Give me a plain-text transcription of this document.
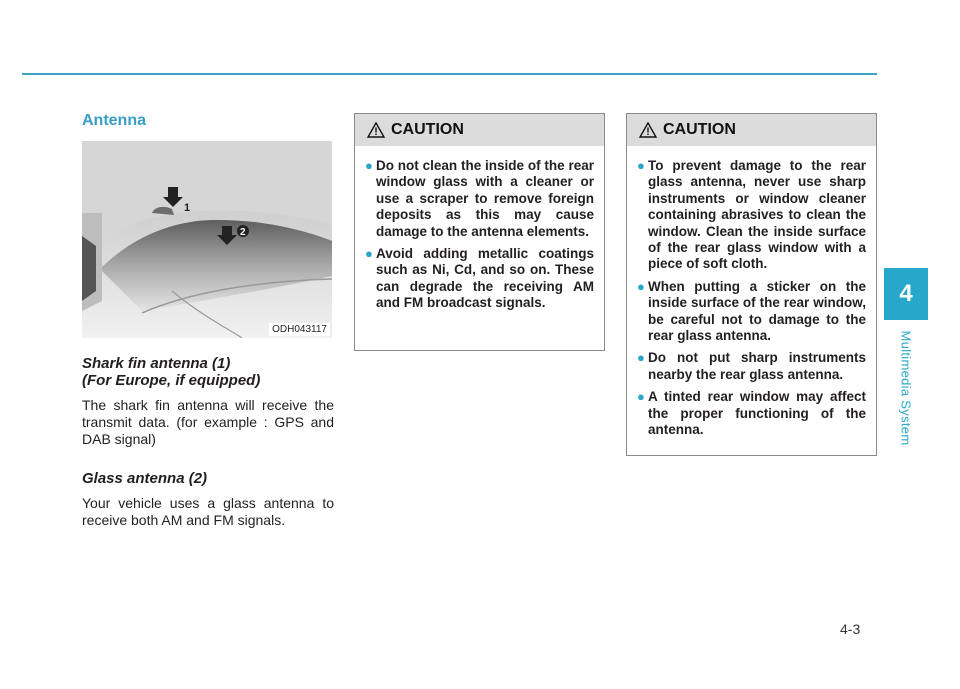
4
Multimedia System
Antenna
1
2
ODH043117
Shark fin antenna (1)
(For Europe, if equipped)

The shark fin antenna will receive the transmit data. (for example : GPS and DAB signal)

Glass antenna (2)

Your vehicle uses a glass antenna to receive both AM and FM signals.

CAUTION
● Do not clean the inside of the rear window glass with a cleaner or use a scraper to remove foreign deposits as this may cause damage to the antenna elements.
● Avoid adding metallic coatings such as Ni, Cd, and so on. These can degrade the receiving AM and FM broadcast signals.
CAUTION
● To prevent damage to the rear glass antenna, never use sharp instruments or window cleaner containing abrasives to clean the window. Clean the inside surface of the rear glass window with a piece of soft cloth.
● When putting a sticker on the inside surface of the rear window, be careful not to damage to the rear glass antenna.
● Do not put sharp instruments nearby the rear glass antenna.
● A tinted rear window may affect the proper functioning of the antenna.
4-3
